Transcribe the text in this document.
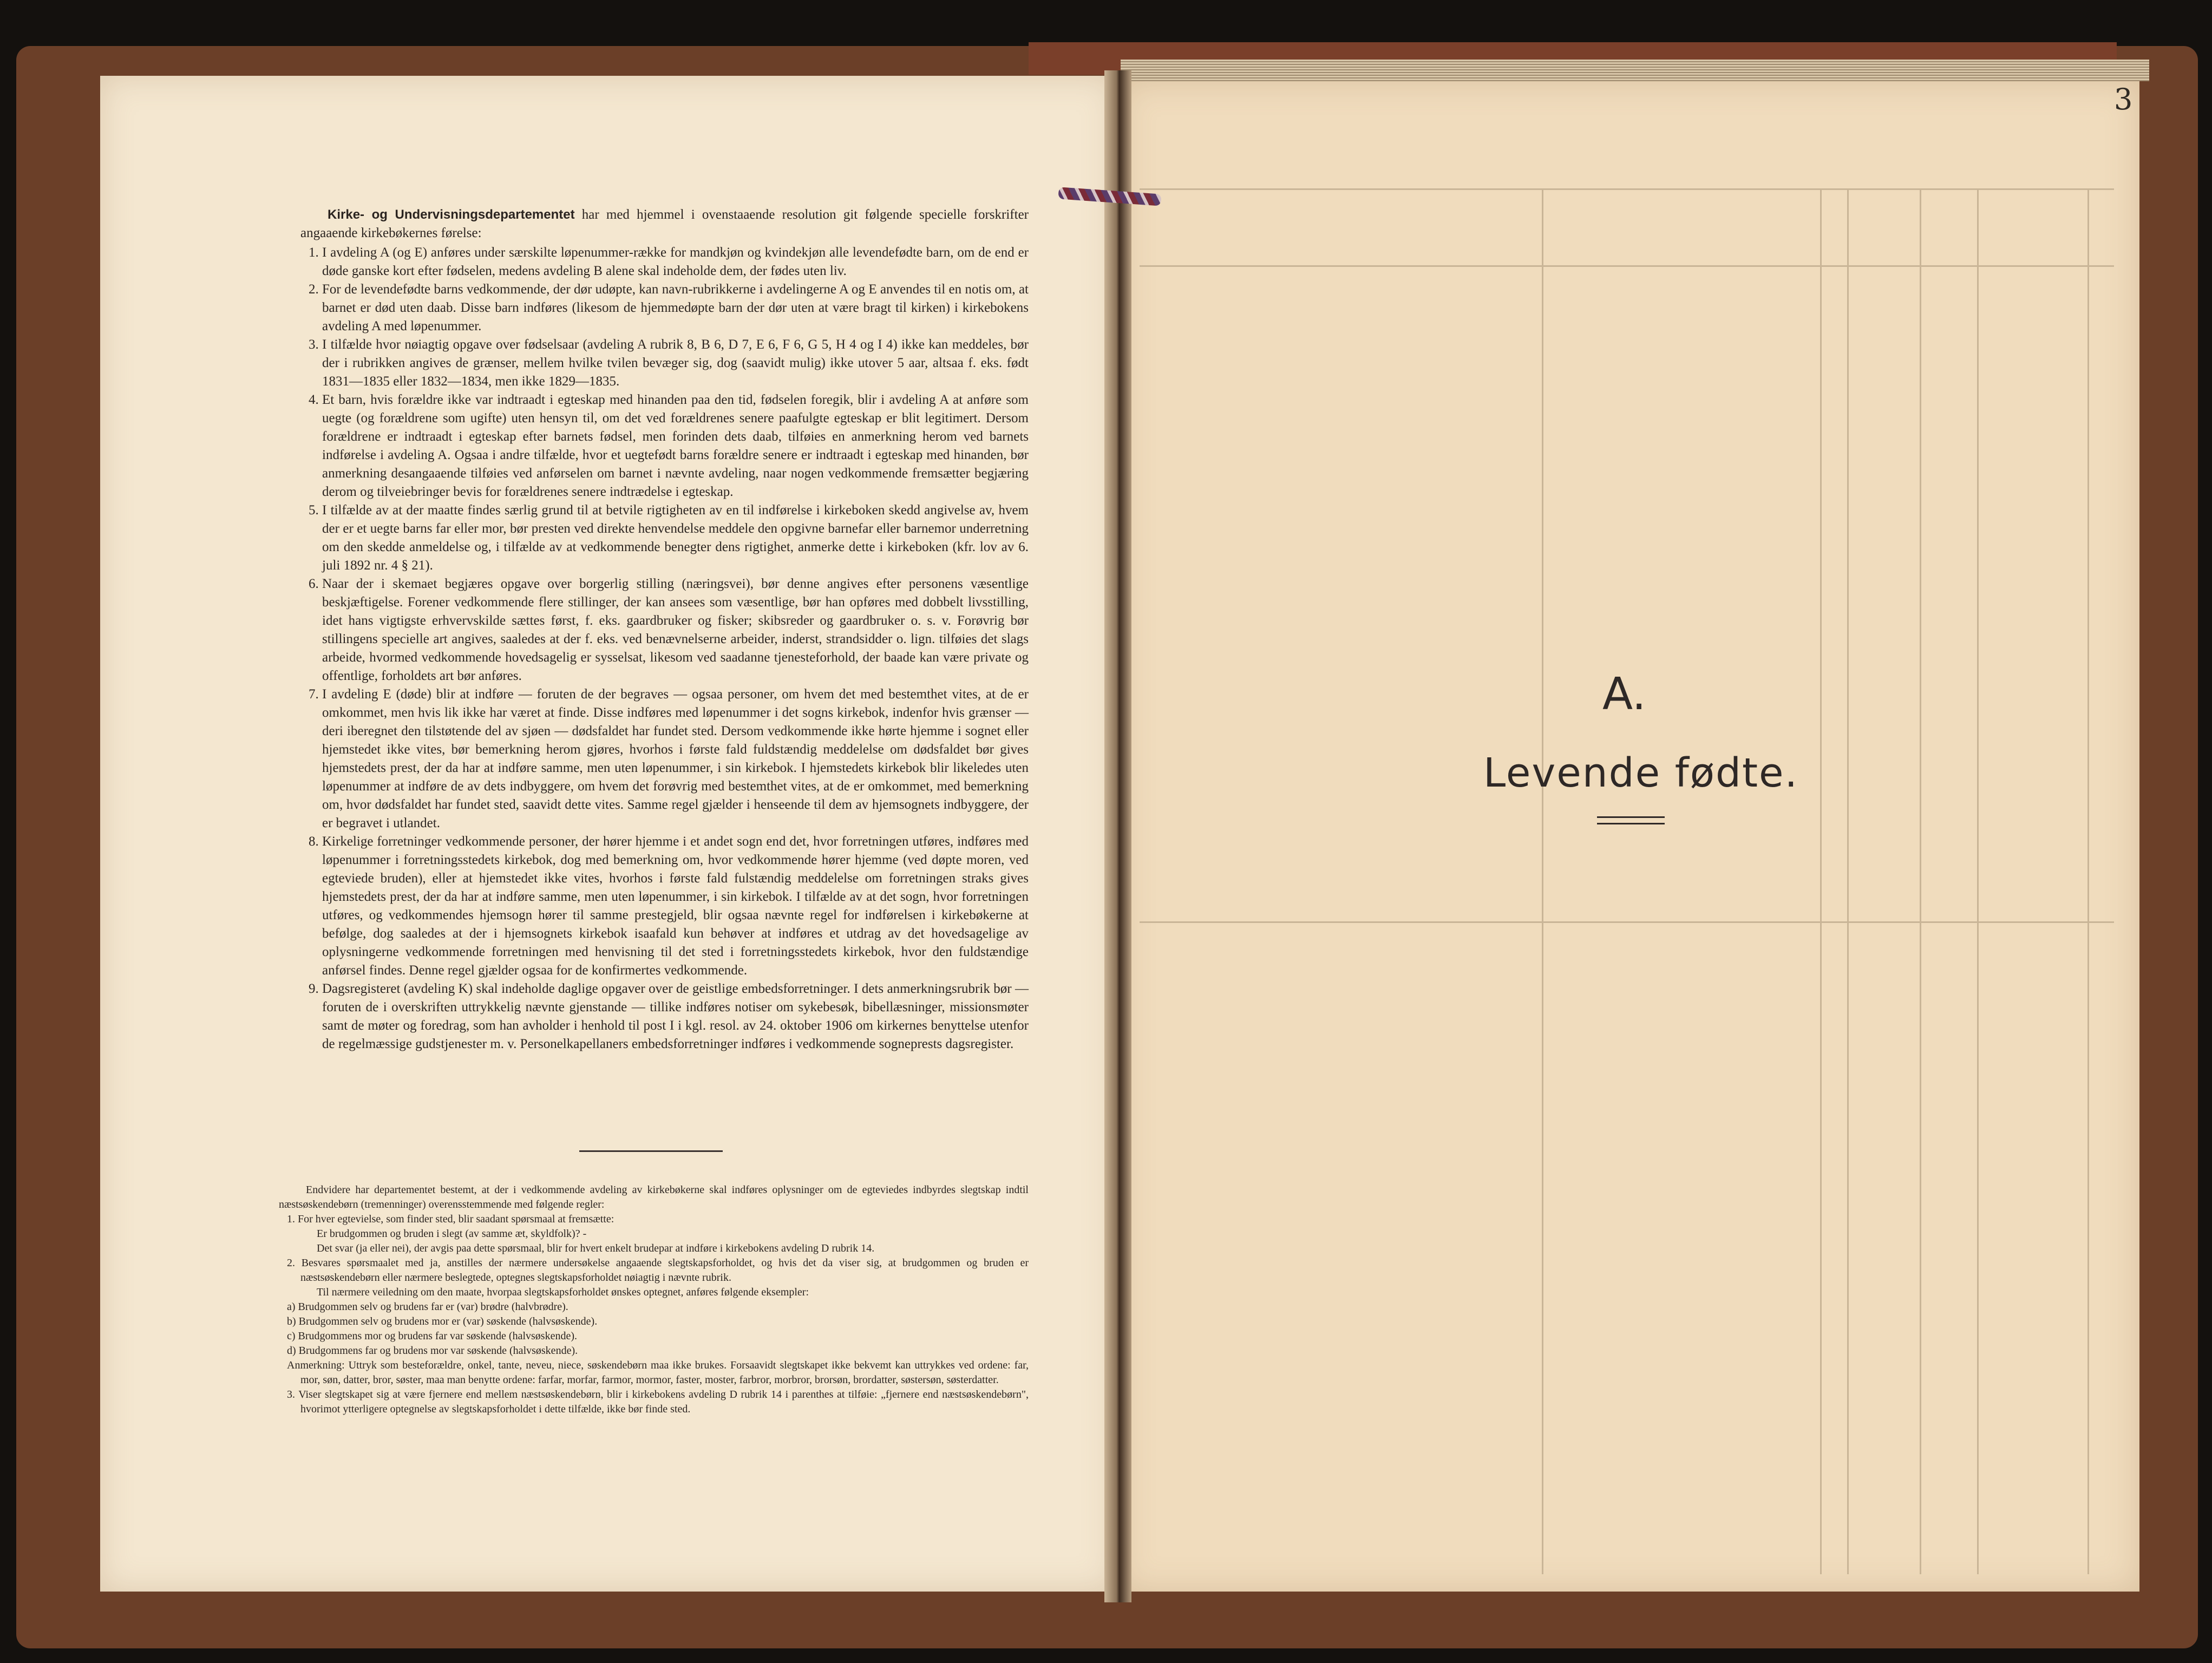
Kirke- og Undervisningsdepartementet har med hjemmel i ovenstaaende resolution git følgende specielle forskrifter angaaende kirkebøkernes førelse:

1. I avdeling A (og E) anføres under særskilte løpenummer-række for mandkjøn og kvindekjøn alle levendefødte barn, om de end er døde ganske kort efter fødselen, medens avdeling B alene skal indeholde dem, der fødes uten liv.
2. For de levendefødte barns vedkommende, der dør udøpte, kan navn-rubrikkerne i avdelingerne A og E anvendes til en notis om, at barnet er død uten daab. Disse barn indføres (likesom de hjemmedøpte barn der dør uten at være bragt til kirken) i kirkebokens avdeling A med løpenummer.
3. I tilfælde hvor nøiagtig opgave over fødselsaar (avdeling A rubrik 8, B 6, D 7, E 6, F 6, G 5, H 4 og I 4) ikke kan meddeles, bør der i rubrikken angives de grænser, mellem hvilke tvilen bevæger sig, dog (saavidt mulig) ikke utover 5 aar, altsaa f. eks. født 1831—1835 eller 1832—1834, men ikke 1829—1835.
4. Et barn, hvis forældre ikke var indtraadt i egteskap med hinanden paa den tid, fødselen foregik, blir i avdeling A at anføre som uegte (og forældrene som ugifte) uten hensyn til, om det ved forældrenes senere paafulgte egteskap er blit legitimert. Dersom forældrene er indtraadt i egteskap efter barnets fødsel, men forinden dets daab, tilføies en anmerkning herom ved barnets indførelse i avdeling A. Ogsaa i andre tilfælde, hvor et uegtefødt barns forældre senere er indtraadt i egteskap med hinanden, bør anmerkning desangaaende tilføies ved anførselen om barnet i nævnte avdeling, naar nogen vedkommende fremsætter begjæring derom og tilveiebringer bevis for forældrenes senere indtrædelse i egteskap.
5. I tilfælde av at der maatte findes særlig grund til at betvile rigtigheten av en til indførelse i kirkeboken skedd angivelse av, hvem der er et uegte barns far eller mor, bør presten ved direkte henvendelse meddele den opgivne barnefar eller barnemor underretning om den skedde anmeldelse og, i tilfælde av at vedkommende benegter dens rigtighet, anmerke dette i kirkeboken (kfr. lov av 6. juli 1892 nr. 4 § 21).
6. Naar der i skemaet begjæres opgave over borgerlig stilling (næringsvei), bør denne angives efter personens væsentlige beskjæftigelse. Forener vedkommende flere stillinger, der kan ansees som væsentlige, bør han opføres med dobbelt livsstilling, idet hans vigtigste erhvervskilde sættes først, f. eks. gaardbruker og fisker; skibsreder og gaardbruker o. s. v. Forøvrig bør stillingens specielle art angives, saaledes at der f. eks. ved benævnelserne arbeider, inderst, strandsidder o. lign. tilføies det slags arbeide, hvormed vedkommende hovedsagelig er sysselsat, likesom ved saadanne tjenesteforhold, der baade kan være private og offentlige, forholdets art bør anføres.
7. I avdeling E (døde) blir at indføre — foruten de der begraves — ogsaa personer, om hvem det med bestemthet vites, at de er omkommet, men hvis lik ikke har været at finde. Disse indføres med løpenummer i det sogns kirkebok, indenfor hvis grænser — deri iberegnet den tilstøtende del av sjøen — dødsfaldet har fundet sted. Dersom vedkommende ikke hørte hjemme i sognet eller hjemstedet ikke vites, bør bemerkning herom gjøres, hvorhos i første fald fuldstændig meddelelse om dødsfaldet bør gives hjemstedets prest, der da har at indføre samme, men uten løpenummer, i sin kirkebok. I hjemstedets kirkebok blir likeledes uten løpenummer at indføre de av dets indbyggere, om hvem det forøvrig med bestemthet vites, at de er omkommet, med bemerkning om, hvor dødsfaldet har fundet sted, saavidt dette vites. Samme regel gjælder i henseende til dem av hjemsognets indbyggere, der er begravet i utlandet.
8. Kirkelige forretninger vedkommende personer, der hører hjemme i et andet sogn end det, hvor forretningen utføres, indføres med løpenummer i forretningsstedets kirkebok, dog med bemerkning om, hvor vedkommende hører hjemme (ved døpte moren, ved egteviede bruden), eller at hjemstedet ikke vites, hvorhos i første fald fulstændig meddelelse om forretningen straks gives hjemstedets prest, der da har at indføre samme, men uten løpenummer, i sin kirkebok. I tilfælde av at det sogn, hvor forretningen utføres, og vedkommendes hjemsogn hører til samme prestegjeld, blir ogsaa nævnte regel for indførelsen i kirkebøkerne at befølge, dog saaledes at der i hjemsognets kirkebok isaafald kun behøver at indføres et utdrag av det hovedsagelige av oplysningerne vedkommende forretningen med henvisning til det sted i forretningsstedets kirkebok, hvor den fuldstændige anførsel findes. Denne regel gjælder ogsaa for de konfirmertes vedkommende.
9. Dagsregisteret (avdeling K) skal indeholde daglige opgaver over de geistlige embedsforretninger. I dets anmerkningsrubrik bør — foruten de i overskriften uttrykkelig nævnte gjenstande — tillike indføres notiser om sykebesøk, bibellæsninger, missionsmøter samt de møter og foredrag, som han avholder i henhold til post I i kgl. resol. av 24. oktober 1906 om kirkernes benyttelse utenfor de regelmæssige gudstjenester m. v. Personelkapellaners embedsforretninger indføres i vedkommende sogneprests dagsregister.

Endvidere har departementet bestemt, at der i vedkommende avdeling av kirkebøkerne skal indføres oplysninger om de egteviedes indbyrdes slegtskap indtil næstsøskendebørn (tremenninger) overensstemmende med følgende regler:

1. For hver egtevielse, som finder sted, blir saadant spørsmaal at fremsætte:

Er brudgommen og bruden i slegt (av samme æt, skyldfolk)? -

Det svar (ja eller nei), der avgis paa dette spørsmaal, blir for hvert enkelt brudepar at indføre i kirkebokens avdeling D rubrik 14.

2. Besvares spørsmaalet med ja, anstilles der nærmere undersøkelse angaaende slegtskapsforholdet, og hvis det da viser sig, at brudgommen og bruden er næstsøskendebørn eller nærmere beslegtede, optegnes slegtskapsforholdet nøiagtig i nævnte rubrik.

Til nærmere veiledning om den maate, hvorpaa slegtskapsforholdet ønskes optegnet, anføres følgende eksempler:

a) Brudgommen selv og brudens far er (var) brødre (halvbrødre).

b) Brudgommen selv og brudens mor er (var) søskende (halvsøskende).

c) Brudgommens mor og brudens far var søskende (halvsøskende).

d) Brudgommens far og brudens mor var søskende (halvsøskende).

Anmerkning: Uttryk som besteforældre, onkel, tante, neveu, niece, søskendebørn maa ikke brukes. Forsaavidt slegtskapet ikke bekvemt kan uttrykkes ved ordene: far, mor, søn, datter, bror, søster, maa man benytte ordene: farfar, morfar, farmor, mormor, faster, moster, farbror, morbror, brorsøn, brordatter, søstersøn, søsterdatter.

3. Viser slegtskapet sig at være fjernere end mellem næstsøskendebørn, blir i kirkebokens avdeling D rubrik 14 i parenthes at tilføie: „fjernere end næstsøskendebørn", hvorimot ytterligere optegnelse av slegtskapsforholdet i dette tilfælde, ikke bør finde sted.

3
A.
Levende fødte.
